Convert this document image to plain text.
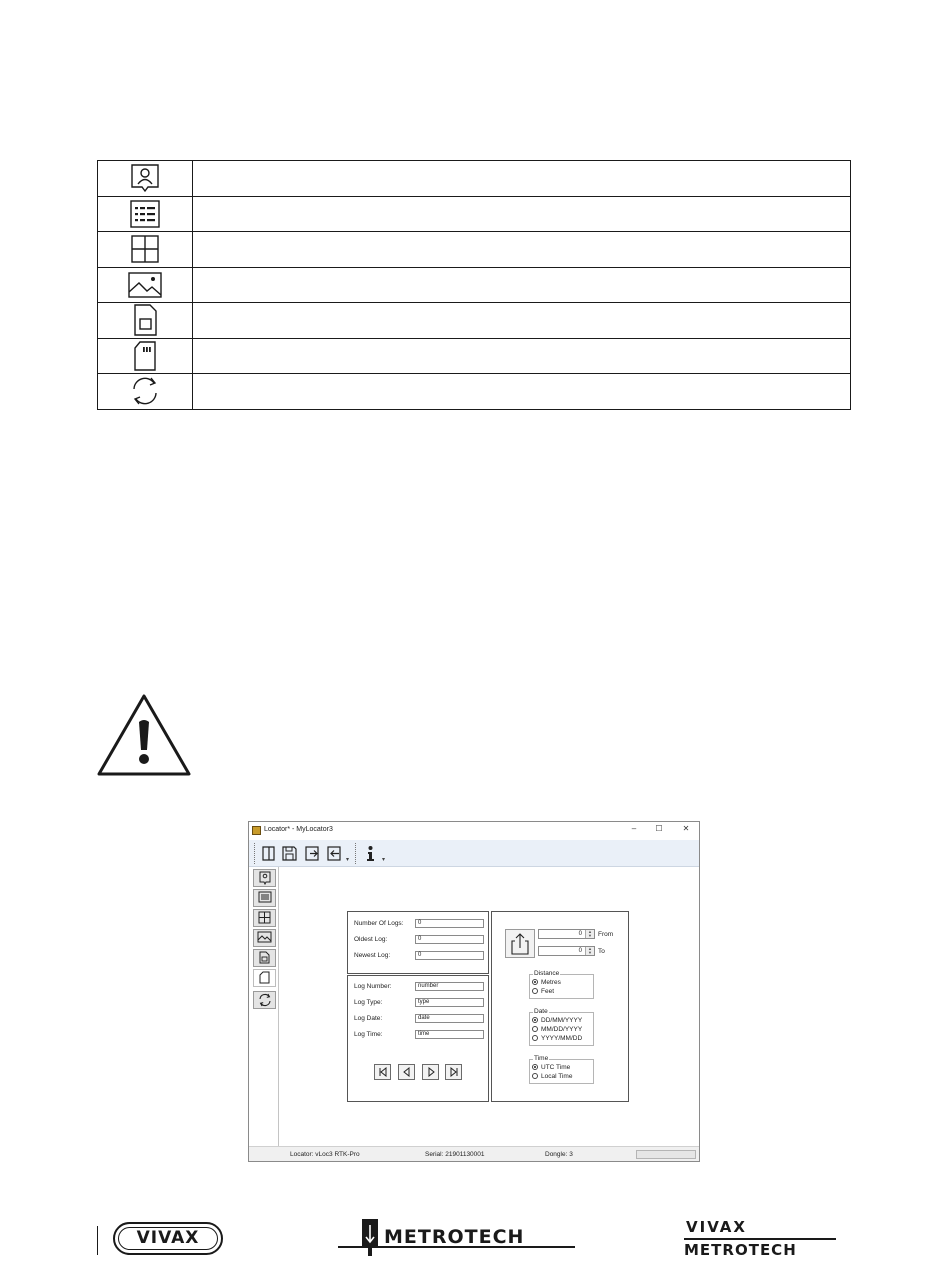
Locator* - MyLocator3	–	☐	✕
▾	▾
Number Of Logs:	0
Oldest Log:	0
Newest Log:	0
Log Number:	number
Log Type:	type
Log Date:	date
Log Time:	time
0	▲
▼ From
0	▲
▼ To
Distance
Metres
Feet
Date
DD/MM/YYYY
MM/DD/YYYY
YYYY/MM/DD
Time
UTC Time
Local Time
Locator: vLoc3 RTK-Pro	Serial: 21901130001	Dongle: 3
VIVAX	METROTECH	VIVAX
METROTECH
